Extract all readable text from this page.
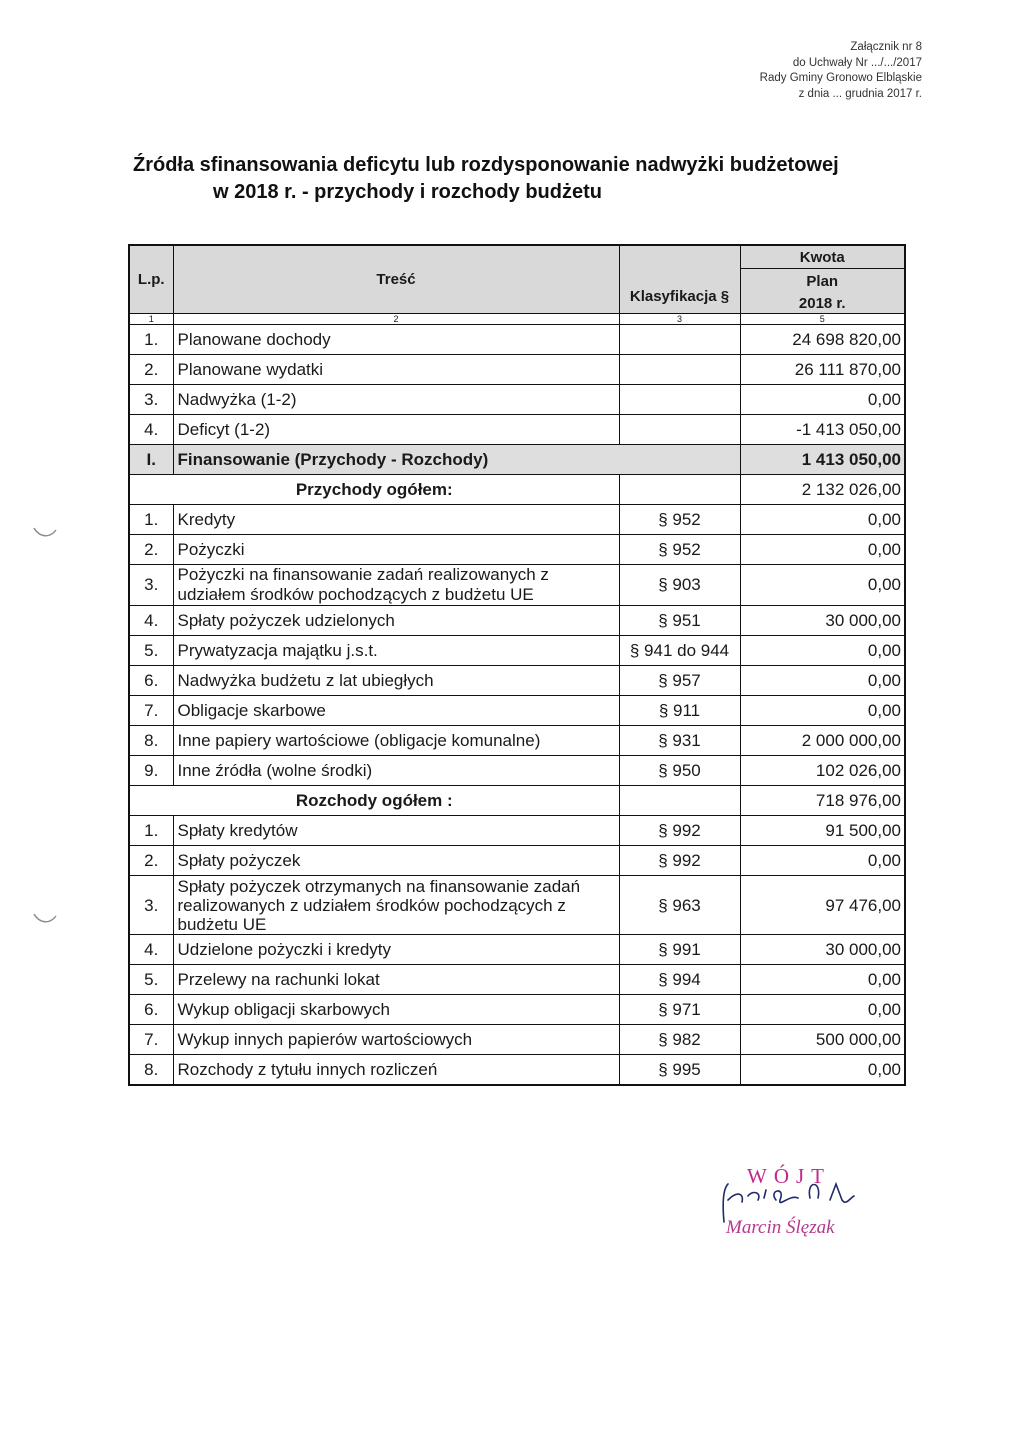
Załącznik nr 8
do Uchwały Nr .../.../2017
Rady Gminy Gronowo Elbląskie
z dnia ... grudnia 2017 r.
Źródła sfinansowania deficytu lub rozdysponowanie nadwyżki budżetowej
w 2018 r. - przychody i rozchody budżetu
L.p.	Treść	Klasyfikacja §	Kwota
			Plan
			2018 r.
1	2	3	5
1.	Planowane dochody		24 698 820,00
2.	Planowane wydatki		26 111 870,00
3.	Nadwyżka (1-2)		0,00
4.	Deficyt (1-2)		-1 413 050,00
I.	Finansowanie (Przychody - Rozchody)		1 413 050,00
Przychody ogółem:			2 132 026,00
1.	Kredyty	§ 952	0,00
2.	Pożyczki	§ 952	0,00
3.	Pożyczki na finansowanie zadań realizowanych z udziałem środków pochodzących z budżetu UE	§ 903	0,00
4.	Spłaty pożyczek udzielonych	§ 951	30 000,00
5.	Prywatyzacja majątku j.s.t.	§ 941 do 944	0,00
6.	Nadwyżka budżetu z lat ubiegłych	§ 957	0,00
7.	Obligacje skarbowe	§ 911	0,00
8.	Inne papiery wartościowe (obligacje komunalne)	§ 931	2 000 000,00
9.	Inne źródła (wolne środki)	§ 950	102 026,00
Rozchody ogółem :			718 976,00
1.	Spłaty kredytów	§ 992	91 500,00
2.	Spłaty pożyczek	§ 992	0,00
3.	Spłaty pożyczek otrzymanych na finansowanie zadań realizowanych z udziałem środków pochodzących z budżetu UE	§ 963	97 476,00
4.	Udzielone pożyczki i kredyty	§ 991	30 000,00
5.	Przelewy na rachunki lokat	§ 994	0,00
6.	Wykup obligacji skarbowych	§ 971	0,00
7.	Wykup innych papierów wartościowych	§ 982	500 000,00
8.	Rozchody z tytułu innych rozliczeń	§ 995	0,00
WÓJT
Marcin Ślęzak
